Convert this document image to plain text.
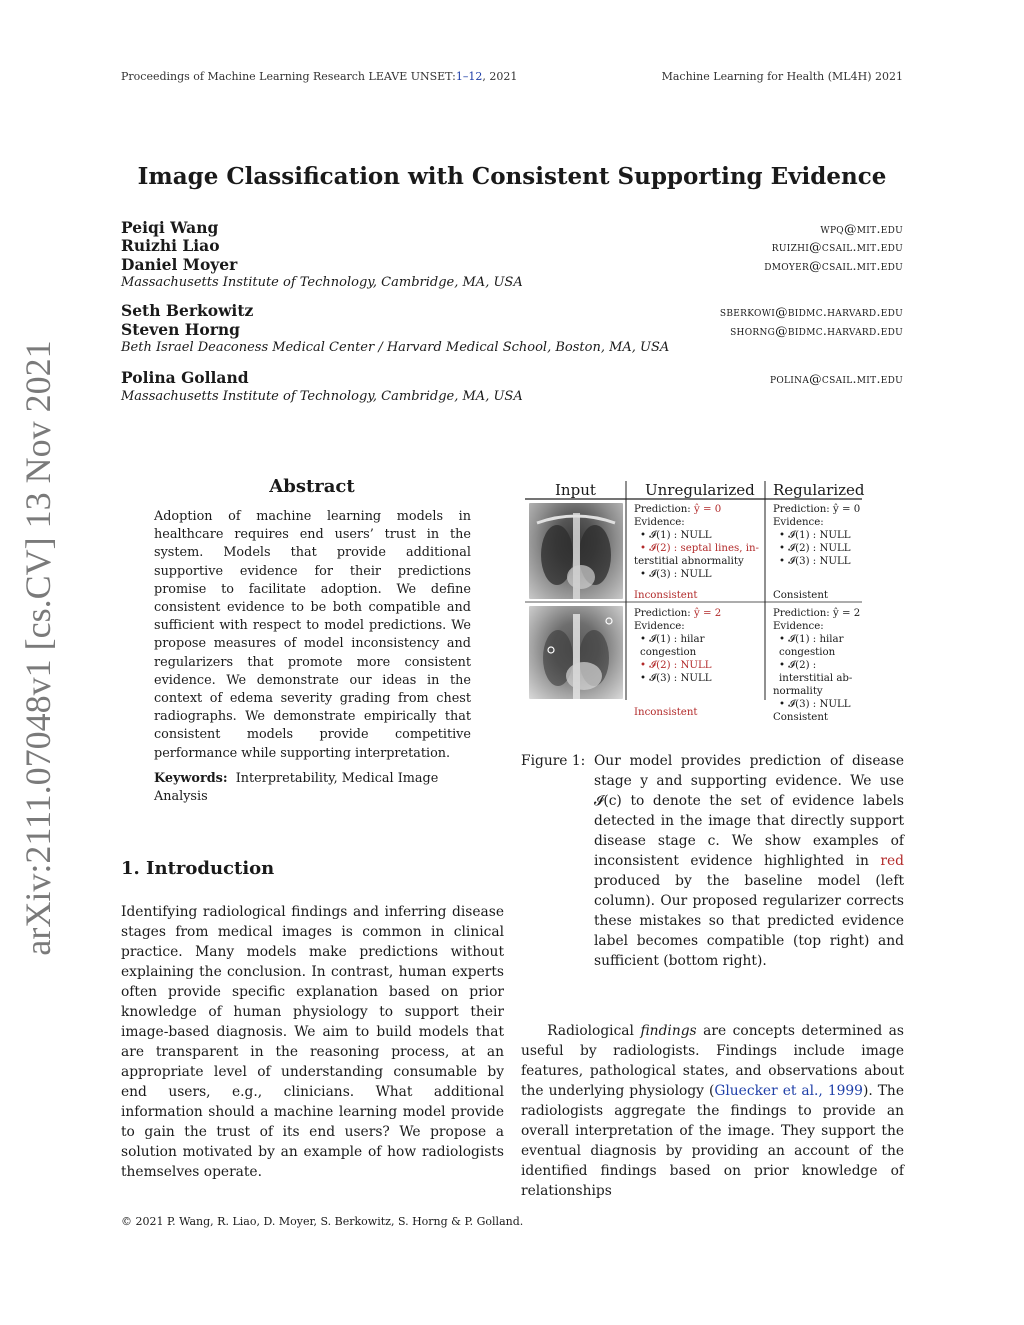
Proceedings of Machine Learning Research LEAVE UNSET:1–12, 2021	Machine Learning for Health (ML4H) 2021
arXiv:2111.07048v1 [cs.CV] 13 Nov 2021
Image Classification with Consistent Supporting Evidence
Peiqi Wang	wpq@mit.edu
Ruizhi Liao	ruizhi@csail.mit.edu
Daniel Moyer	dmoyer@csail.mit.edu
Massachusetts Institute of Technology, Cambridge, MA, USA
Seth Berkowitz	sberkowi@bidmc.harvard.edu
Steven Horng	shorng@bidmc.harvard.edu
Beth Israel Deaconess Medical Center / Harvard Medical School, Boston, MA, USA
Polina Golland	polina@csail.mit.edu
Massachusetts Institute of Technology, Cambridge, MA, USA
Abstract
Adoption of machine learning models in healthcare requires end users’ trust in the system. Models that provide additional supportive evidence for their predictions promise to facilitate adoption. We define consistent evidence to be both compatible and sufficient with respect to model predictions. We propose measures of model inconsistency and regularizers that promote more consistent evidence. We demonstrate our ideas in the context of edema severity grading from chest radiographs. We demonstrate empirically that consistent models provide competitive performance while supporting interpretation.
Keywords: Interpretability, Medical Image Analysis
1. Introduction
Identifying radiological findings and inferring disease stages from medical images is common in clinical practice. Many models make predictions without explaining the conclusion. In contrast, human experts often provide specific explanation based on prior knowledge of human physiology to support their image-based diagnosis. We aim to build models that are transparent in the reasoning process, at an appropriate level of understanding consumable by end users, e.g., clinicians. What additional information should a machine learning model provide to gain the trust of its end users? We propose a solution motivated by an example of how radiologists themselves operate.
Input	Unregularized Regularized
Prediction: ŷ = 0
Evidence:
• 𝓘(1) : NULL
• 𝓘(2) : septal lines, in-
terstitial abnormality
• 𝓘(3) : NULL
Inconsistent
Prediction: ŷ = 0
Evidence:
• 𝓘(1) : NULL
• 𝓘(2) : NULL
• 𝓘(3) : NULL
Consistent
Prediction: ŷ = 2
Evidence:
• 𝓘(1) : hilar congestion
• 𝓘(2) : NULL
• 𝓘(3) : NULL
Inconsistent
Prediction: ŷ = 2
Evidence:
• 𝓘(1) : hilar congestion
• 𝓘(2) : interstitial ab-
normality
• 𝓘(3) : NULL
Consistent
Figure 1: Our model provides prediction of disease stage y and supporting evidence. We use 𝓘(c) to denote the set of evidence labels detected in the image that directly support disease stage c. We show examples of inconsistent evidence highlighted in red produced by the baseline model (left column). Our proposed regularizer corrects these mistakes so that predicted evidence label becomes compatible (top right) and sufficient (bottom right).
Radiological findings are concepts determined as useful by radiologists. Findings include image features, pathological states, and observations about the underlying physiology (Gluecker et al., 1999). The radiologists aggregate the findings to provide an overall interpretation of the image. They support the eventual diagnosis by providing an account of the identified findings based on prior knowledge of relationships
© 2021 P. Wang, R. Liao, D. Moyer, S. Berkowitz, S. Horng & P. Golland.
